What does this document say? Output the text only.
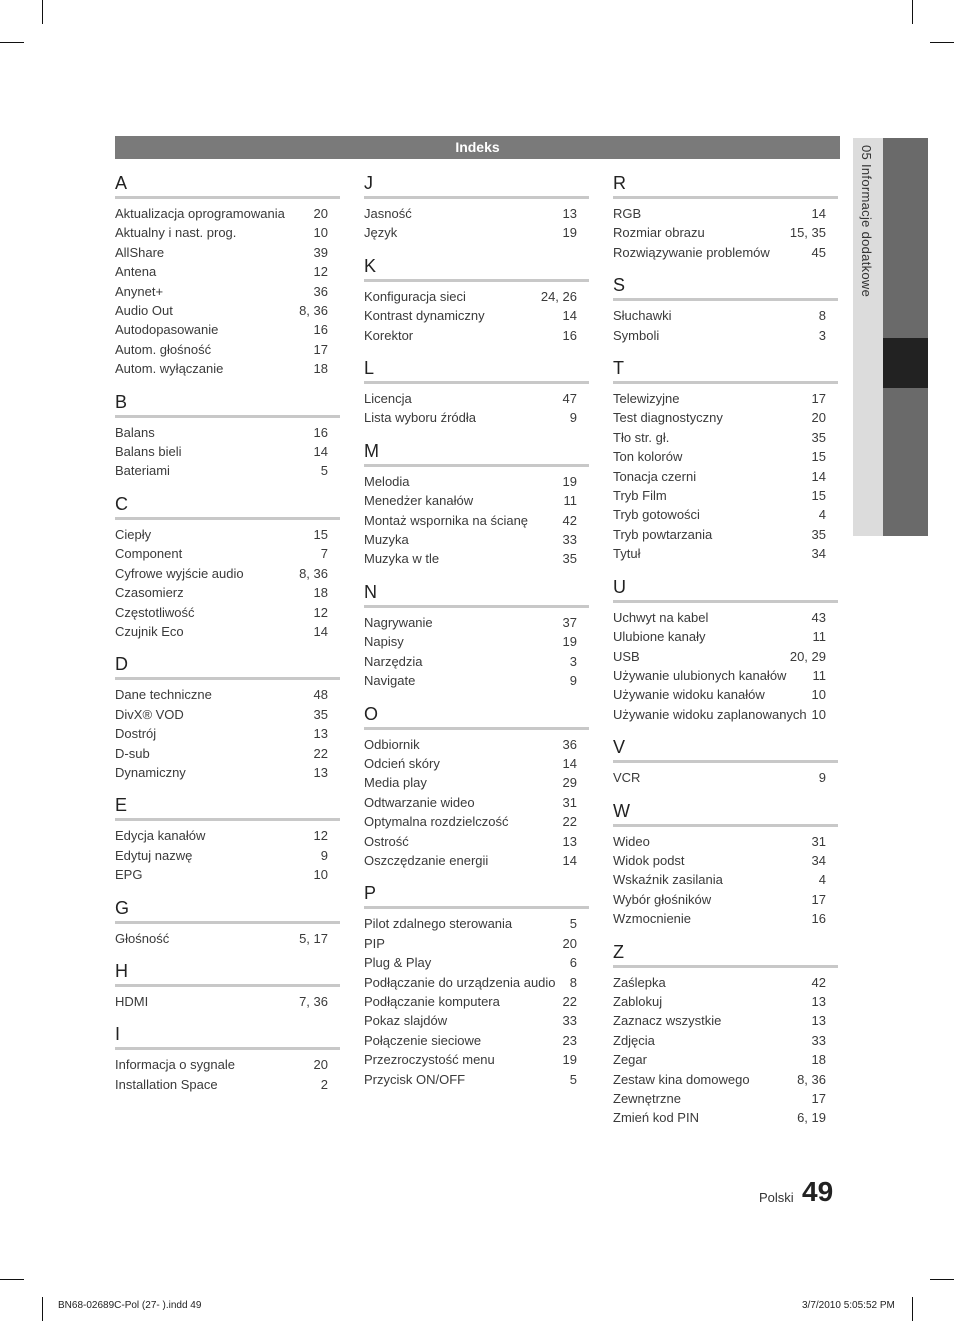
Indeks	05 Informacje dodatkowe
A
Aktualizacja oprogramowania 20
Aktualny i nast. prog.	10
AllShare	39
Antena	12
Anynet+	36
Audio Out	8, 36
Autodopasowanie	16
Autom. głośność	17
Autom. wyłączanie	18
B
Balans	16
Balans bieli	14
Bateriami	5
C
Ciepły	15
Component	7
Cyfrowe wyjście audio	8, 36
Czasomierz	18
Częstotliwość	12
Czujnik Eco	14
D
Dane techniczne	48
DivX® VOD	35
Dostrój	13
D-sub	22
Dynamiczny	13
E
Edycja kanałów	12
Edytuj nazwę	9
EPG	10
G
Głośność	5, 17
H
HDMI	7, 36
I
Informacja o sygnale	20
Installation Space	2
J
Jasność	13
Język	19
K
Konfiguracja sieci	24, 26
Kontrast dynamiczny	14
Korektor	16
L
Licencja	47
Lista wyboru źródła	9
M
Melodia	19
Menedżer kanałów	11
Montaż wspornika na ścianę	42
Muzyka	33
Muzyka w tle	35
N
Nagrywanie	37
Napisy	19
Narzędzia	3
Navigate	9
O
Odbiornik	36
Odcień skóry	14
Media play	29
Odtwarzanie wideo	31
Optymalna rozdzielczość	22
Ostrość	13
Oszczędzanie energii	14
P
Pilot zdalnego sterowania	5
PIP	20
Plug & Play	6
Podłączanie do urządzenia audio 8
Podłączanie komputera	22
Pokaz slajdów	33
Połączenie sieciowe	23
Przezroczystość menu	19
Przycisk ON/OFF	5
R
RGB	14
Rozmiar obrazu	15, 35
Rozwiązywanie problemów	45
S
Słuchawki	8
Symboli	3
T
Telewizyjne	17
Test diagnostyczny	20
Tło str. gł.	35
Ton kolorów	15
Tonacja czerni	14
Tryb Film	15
Tryb gotowości	4
Tryb powtarzania	35
Tytuł	34
U
Uchwyt na kabel	43
Ulubione kanały	11
USB	20, 29
Używanie ulubionych kanałów 11
Używanie widoku kanałów	10
Używanie widoku zaplanowanych 10
V
VCR	9
W
Wideo	31
Widok podst	34
Wskaźnik zasilania	4
Wybór głośników	17
Wzmocnienie	16
Z
Zaślepka	42
Zablokuj	13
Zaznacz wszystkie	13
Zdjęcia	33
Zegar	18
Zestaw kina domowego	8, 36
Zewnętrzne	17
Zmień kod PIN	6, 19
Polski 49
BN68-02689C-Pol (27- ).indd 49	3/7/2010 5:05:52 PM
